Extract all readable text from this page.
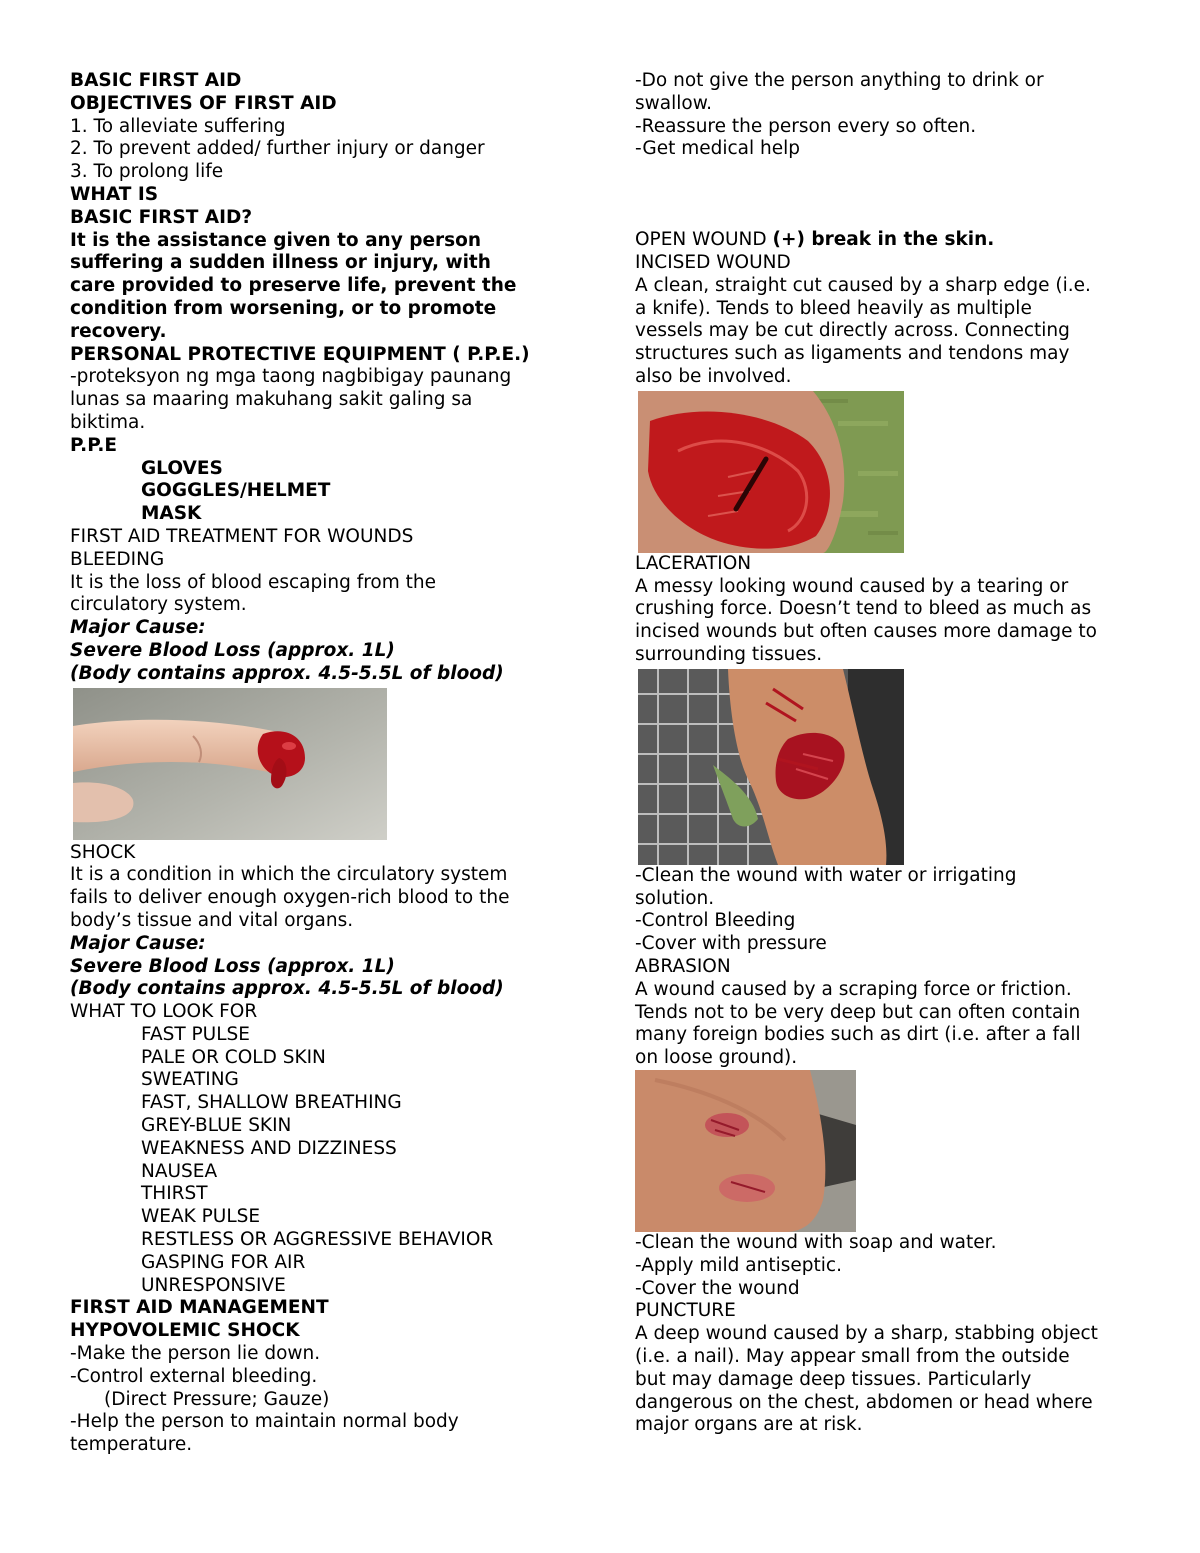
BASIC FIRST AID
OBJECTIVES OF FIRST AID
1. To alleviate suffering
2. To prevent added/ further injury or danger
3. To prolong life
WHAT IS
BASIC FIRST AID?
It is the assistance given to any person
suffering a sudden illness or injury, with
care provided to preserve life, prevent the
condition from worsening, or to promote
recovery.
PERSONAL PROTECTIVE EQUIPMENT ( P.P.E.)
-proteksyon ng mga taong nagbibigay paunang
lunas sa maaring makuhang sakit galing sa
biktima.
P.P.E
GLOVES
GOGGLES/HELMET
MASK
FIRST AID TREATMENT FOR WOUNDS
BLEEDING
It is the loss of blood escaping from the
circulatory system.
Major Cause:
Severe Blood Loss (approx. 1L)
(Body contains approx. 4.5-5.5L of blood)
SHOCK
It is a condition in which the circulatory system
fails to deliver enough oxygen-rich blood to the
body’s tissue and vital organs.
Major Cause:
Severe Blood Loss (approx. 1L)
(Body contains approx. 4.5-5.5L of blood)
WHAT TO LOOK FOR
FAST PULSE
PALE OR COLD SKIN
SWEATING
FAST, SHALLOW BREATHING
GREY-BLUE SKIN
WEAKNESS AND DIZZINESS
NAUSEA
THIRST
WEAK PULSE
RESTLESS OR AGGRESSIVE BEHAVIOR
GASPING FOR AIR
UNRESPONSIVE
FIRST AID MANAGEMENT
HYPOVOLEMIC SHOCK
-Make the person lie down.
-Control external bleeding.
(Direct Pressure; Gauze)
-Help the person to maintain normal body
temperature.
-Do not give the person anything to drink or
swallow.
-Reassure the person every so often.
-Get medical help
OPEN WOUND (+) break in the skin.
INCISED WOUND
A clean, straight cut caused by a sharp edge (i.e.
a knife). Tends to bleed heavily as multiple
vessels may be cut directly across. Connecting
structures such as ligaments and tendons may
also be involved.
LACERATION
A messy looking wound caused by a tearing or
crushing force. Doesn’t tend to bleed as much as
incised wounds but often causes more damage to
surrounding tissues.
-Clean the wound with water or irrigating
solution.
-Control Bleeding
-Cover with pressure
ABRASION
A wound caused by a scraping force or friction.
Tends not to be very deep but can often contain
many foreign bodies such as dirt (i.e. after a fall
on loose ground).
-Clean the wound with soap and water.
-Apply mild antiseptic.
-Cover the wound
PUNCTURE
A deep wound caused by a sharp, stabbing object
(i.e. a nail). May appear small from the outside
but may damage deep tissues. Particularly
dangerous on the chest, abdomen or head where
major organs are at risk.
